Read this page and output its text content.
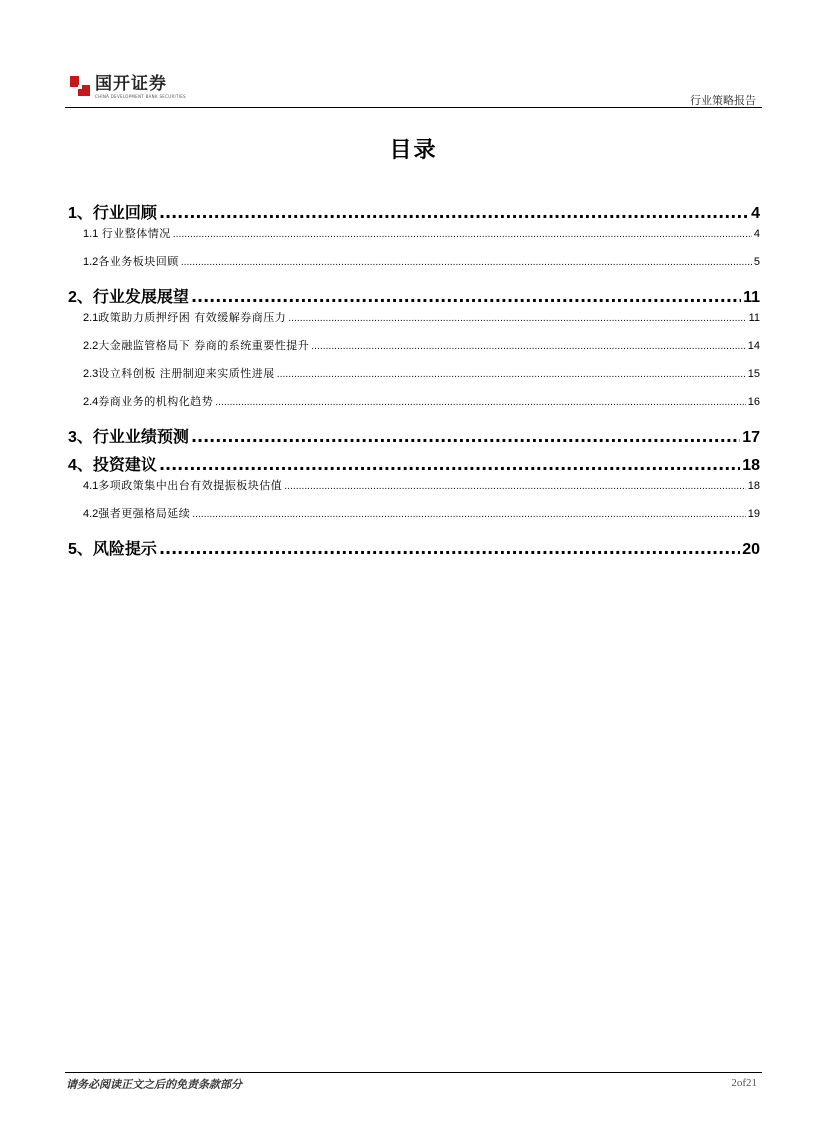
国开证券
CHINA DEVELOPMENT BANK SECURITIES	行业策略报告
目录
1、行业回顾 .....	4
1.1 行业整体情况 .....	4
1.2各业务板块回顾 .....	5
2、行业发展展望 .....	11
2.1政策助力质押纾困 有效缓解券商压力 .....	11
2.2大金融监管格局下 券商的系统重要性提升 .....	14
2.3设立科创板 注册制迎来实质性进展 .....	15
2.4券商业务的机构化趋势 .....	16
3、行业业绩预测 .....	17
4、投资建议 .....	18
4.1多项政策集中出台有效提振板块估值 .....	18
4.2强者更强格局延续 .....	19
5、风险提示 .....	20
请务必阅读正文之后的免责条款部分	2of21
